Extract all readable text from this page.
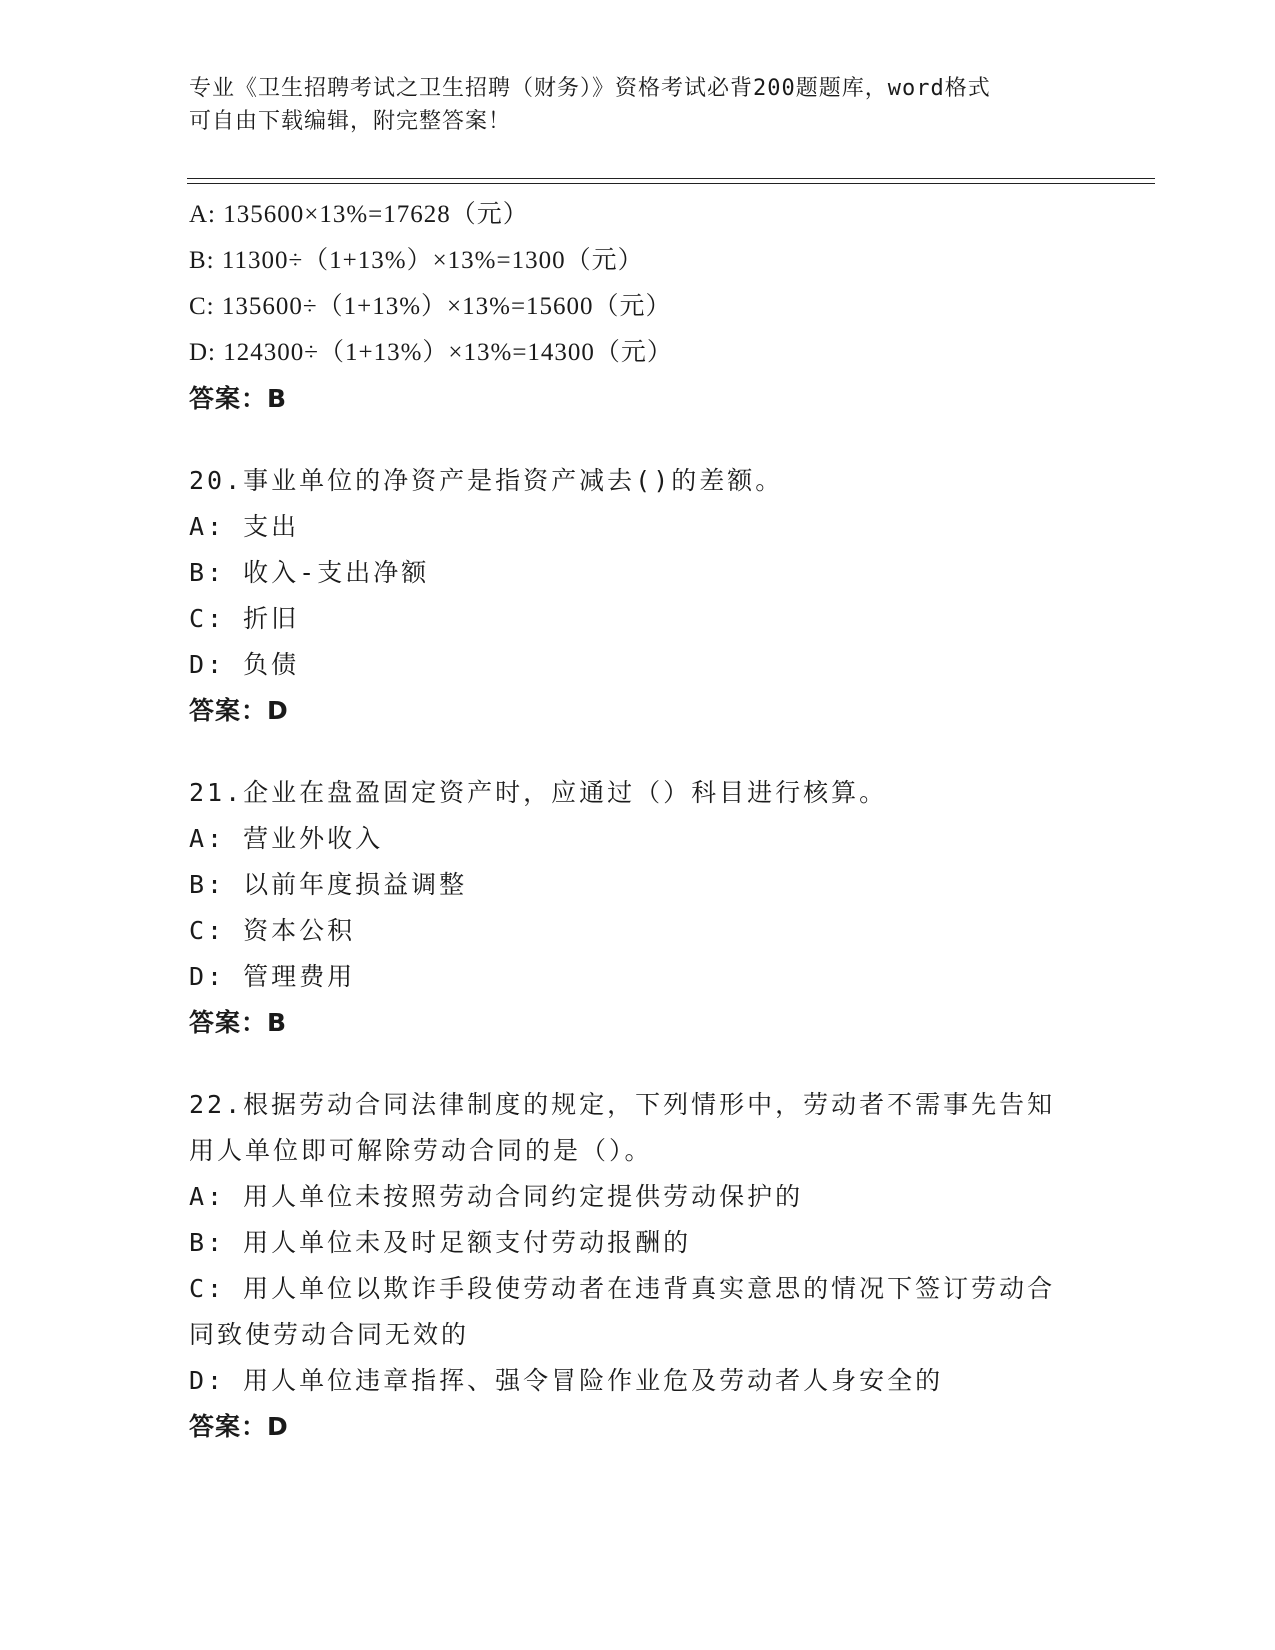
专业《卫生招聘考试之卫生招聘（财务）》资格考试必背200题题库，word格式
可自由下载编辑，附完整答案！
A: 135600×13%=17628（元）
B: 11300÷（1+13%）×13%=1300（元）
C: 135600÷（1+13%）×13%=15600（元）
D: 124300÷（1+13%）×13%=14300（元）
答案：B
20.事业单位的净资产是指资产减去()的差额。
A: 支出
B: 收入-支出净额
C: 折旧
D: 负债
答案：D
21.企业在盘盈固定资产时，应通过（）科目进行核算。
A: 营业外收入
B: 以前年度损益调整
C: 资本公积
D: 管理费用
答案：B
22.根据劳动合同法律制度的规定，下列情形中，劳动者不需事先告知
用人单位即可解除劳动合同的是（）。
A: 用人单位未按照劳动合同约定提供劳动保护的
B: 用人单位未及时足额支付劳动报酬的
C: 用人单位以欺诈手段使劳动者在违背真实意思的情况下签订劳动合
同致使劳动合同无效的
D: 用人单位违章指挥、强令冒险作业危及劳动者人身安全的
答案：D
